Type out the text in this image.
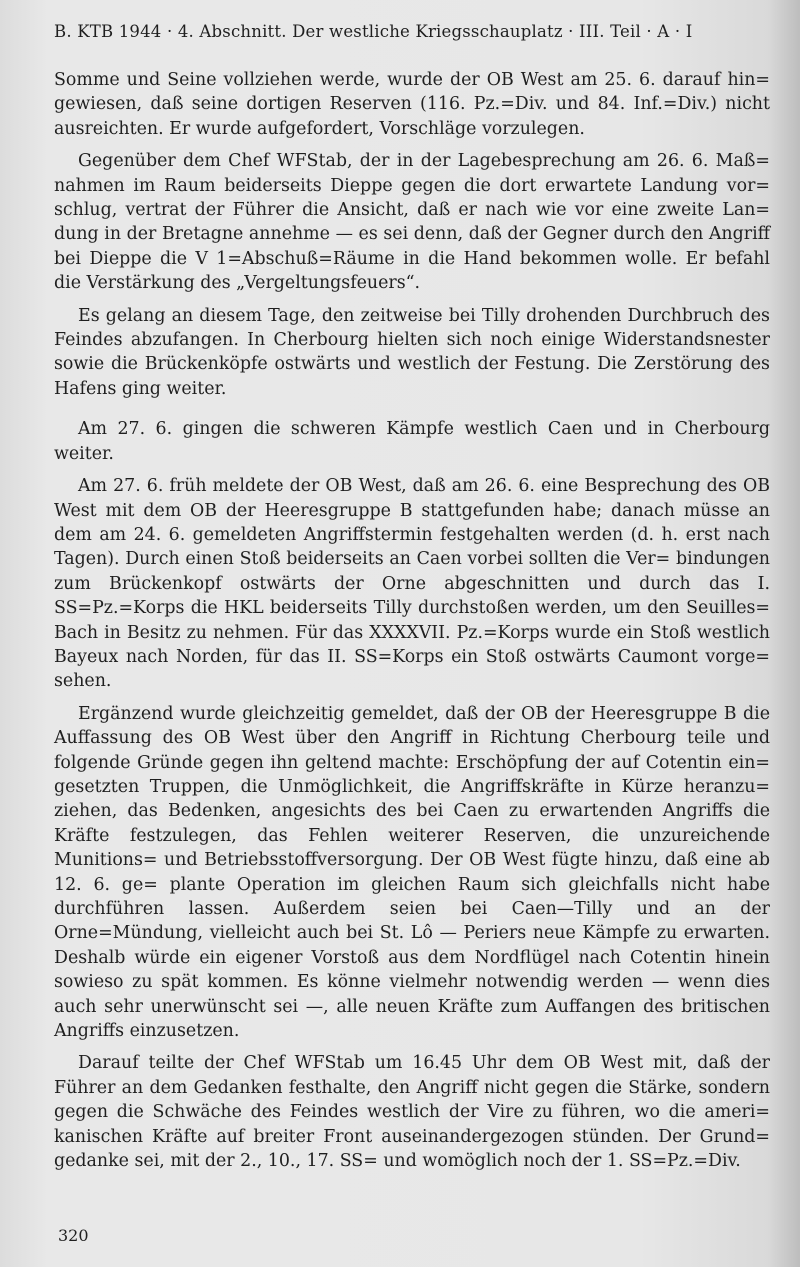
B. KTB 1944 · 4. Abschnitt. Der westliche Kriegsschauplatz · III. Teil · A · I

Somme und Seine vollziehen werde, wurde der OB West am 25. 6. darauf hin= gewiesen, daß seine dortigen Reserven (116. Pz.=Div. und 84. Inf.=Div.) nicht ausreichten. Er wurde aufgefordert, Vorschläge vorzulegen.

Gegenüber dem Chef WFStab, der in der Lagebesprechung am 26. 6. Maß= nahmen im Raum beiderseits Dieppe gegen die dort erwartete Landung vor= schlug, vertrat der Führer die Ansicht, daß er nach wie vor eine zweite Lan= dung in der Bretagne annehme — es sei denn, daß der Gegner durch den Angriff bei Dieppe die V 1=Abschuß=Räume in die Hand bekommen wolle. Er befahl die Verstärkung des „Vergeltungsfeuers“.

Es gelang an diesem Tage, den zeitweise bei Tilly drohenden Durchbruch des Feindes abzufangen. In Cherbourg hielten sich noch einige Widerstandsnester sowie die Brückenköpfe ostwärts und westlich der Festung. Die Zerstörung des Hafens ging weiter.

Am 27. 6. gingen die schweren Kämpfe westlich Caen und in Cherbourg weiter.

Am 27. 6. früh meldete der OB West, daß am 26. 6. eine Besprechung des OB West mit dem OB der Heeresgruppe B stattgefunden habe; danach müsse an dem am 24. 6. gemeldeten Angriffstermin festgehalten werden (d. h. erst nach Tagen). Durch einen Stoß beiderseits an Caen vorbei sollten die Ver= bindungen zum Brückenkopf ostwärts der Orne abgeschnitten und durch das I. SS=Pz.=Korps die HKL beiderseits Tilly durchstoßen werden, um den Seuilles= Bach in Besitz zu nehmen. Für das XXXXVII. Pz.=Korps wurde ein Stoß westlich Bayeux nach Norden, für das II. SS=Korps ein Stoß ostwärts Caumont vorge= sehen.

Ergänzend wurde gleichzeitig gemeldet, daß der OB der Heeresgruppe B die Auffassung des OB West über den Angriff in Richtung Cherbourg teile und folgende Gründe gegen ihn geltend machte: Erschöpfung der auf Cotentin ein= gesetzten Truppen, die Unmöglichkeit, die Angriffskräfte in Kürze heranzu= ziehen, das Bedenken, angesichts des bei Caen zu erwartenden Angriffs die Kräfte festzulegen, das Fehlen weiterer Reserven, die unzureichende Munitions= und Betriebsstoffversorgung. Der OB West fügte hinzu, daß eine ab 12. 6. ge= plante Operation im gleichen Raum sich gleichfalls nicht habe durchführen lassen. Außerdem seien bei Caen—Tilly und an der Orne=Mündung, vielleicht auch bei St. Lô — Periers neue Kämpfe zu erwarten. Deshalb würde ein eigener Vorstoß aus dem Nordflügel nach Cotentin hinein sowieso zu spät kommen. Es könne vielmehr notwendig werden — wenn dies auch sehr unerwünscht sei —, alle neuen Kräfte zum Auffangen des britischen Angriffs einzusetzen.

Darauf teilte der Chef WFStab um 16.45 Uhr dem OB West mit, daß der Führer an dem Gedanken festhalte, den Angriff nicht gegen die Stärke, sondern gegen die Schwäche des Feindes westlich der Vire zu führen, wo die ameri= kanischen Kräfte auf breiter Front auseinandergezogen stünden. Der Grund= gedanke sei, mit der 2., 10., 17. SS= und womöglich noch der 1. SS=Pz.=Div.

320
